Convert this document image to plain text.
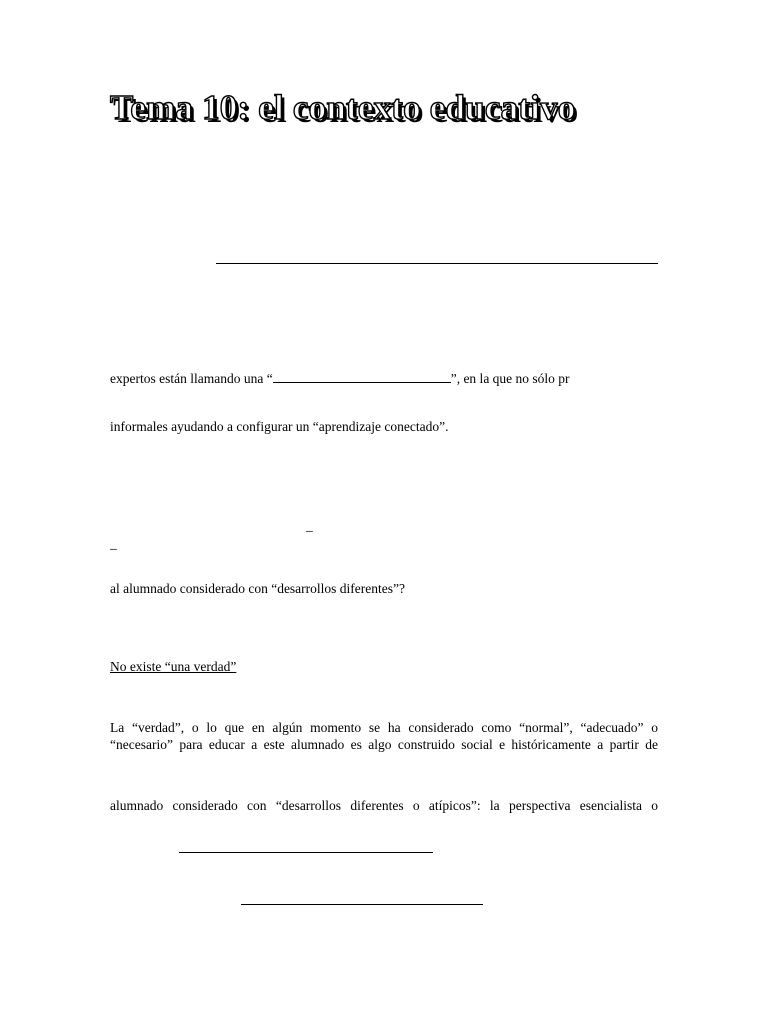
Tema 10: el contexto educativo
expertos están llamando una “	”, en la que no sólo pr
informales ayudando a configurar un “aprendizaje conectado”.
_
_
al alumnado considerado con “desarrollos diferentes”?
No existe “una verdad”
La “verdad”, o lo que en algún momento se ha considerado como “normal”, “adecuado” o
“necesario” para educar a este alumnado es algo construido social e históricamente a partir de
alumnado considerado con “desarrollos diferentes o atípicos”: la perspectiva esencialista o
